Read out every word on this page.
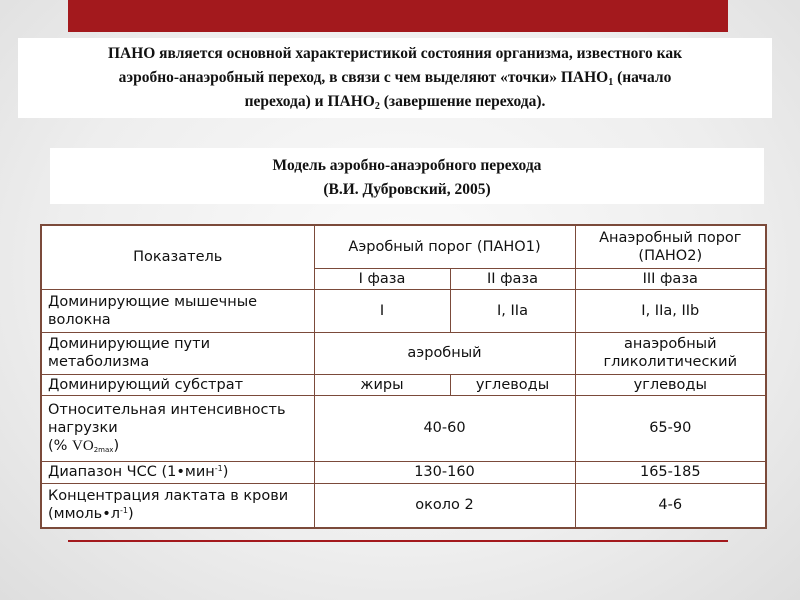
ПАНО является основной характеристикой состояния организма, известного как
аэробно-анаэробный переход, в связи с чем выделяют «точки» $ПАНО_1$ (начало
перехода) и $ПАНО_2$ (завершение перехода).
Модель аэробно-анаэробного перехода
(В.И. Дубровский, 2005)
Показатель	Аэробный порог (ПАНО1)		Анаэробный порог (ПАНО2)
	I фаза	II фаза	III фаза
Доминирующие мышечные волокна	I	I, IIa	I, IIa, IIb
Доминирующие пути метаболизма	аэробный		анаэробный гликолитический
Доминирующий субстрат	жиры	углеводы	углеводы
Относительная интенсивность нагрузки
(% $VO_{2max}$)	40-60		65-90
Диапазон ЧСС (1•мин$^{-1}$)	130-160		165-185
Концентрация лактата в крови $(ммоль•л^{-1})$	около 2		4-6
